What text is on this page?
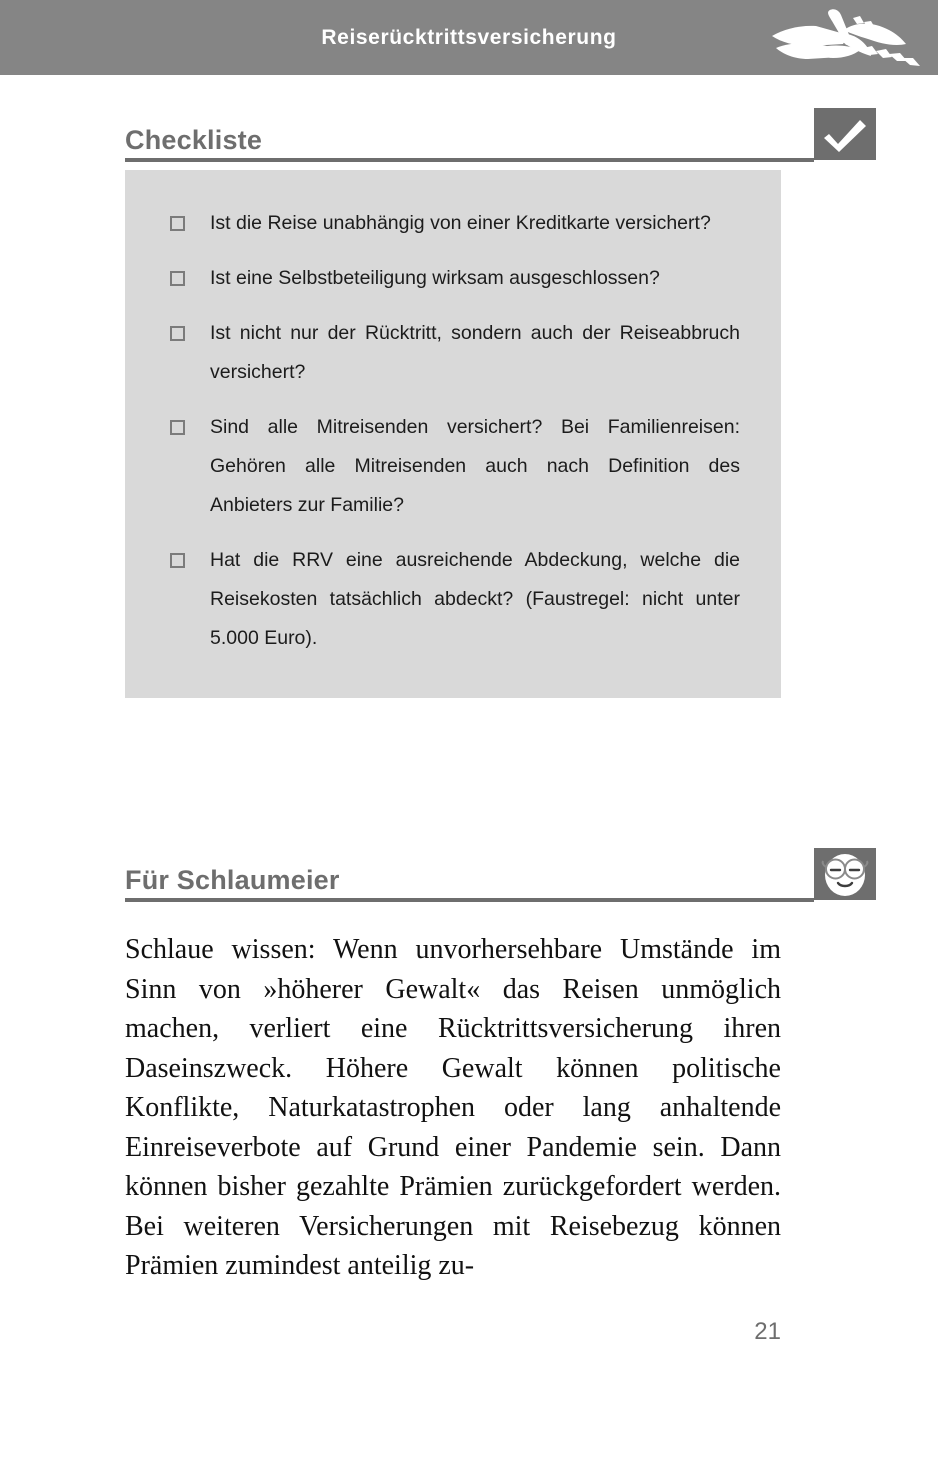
Reiserücktrittsversicherung
Checkliste
Ist die Reise unabhängig von einer Kreditkarte versichert?
Ist eine Selbstbeteiligung wirksam ausgeschlossen?
Ist nicht nur der Rücktritt, sondern auch der Reiseabbruch versichert?
Sind alle Mitreisenden versichert? Bei Familienreisen: Gehören alle Mitreisenden auch nach Definition des Anbieters zur Familie?
Hat die RRV eine ausreichende Abdeckung, welche die Reisekosten tatsächlich abdeckt? (Faustregel: nicht unter 5.000 Euro).
Für Schlaumeier
Schlaue wissen: Wenn unvorhersehbare Umstände im Sinn von »höherer Gewalt« das Reisen unmöglich machen, verliert eine Rücktrittsversicherung ihren Daseinszweck. Höhere Gewalt können politische Konflikte, Naturkatastrophen oder lang anhaltende Einreiseverbote auf Grund einer Pandemie sein. Dann können bisher gezahlte Prämien zurückgefordert werden. Bei weiteren Versicherungen mit Reisebezug können Prämien zumindest anteilig zu-
21
